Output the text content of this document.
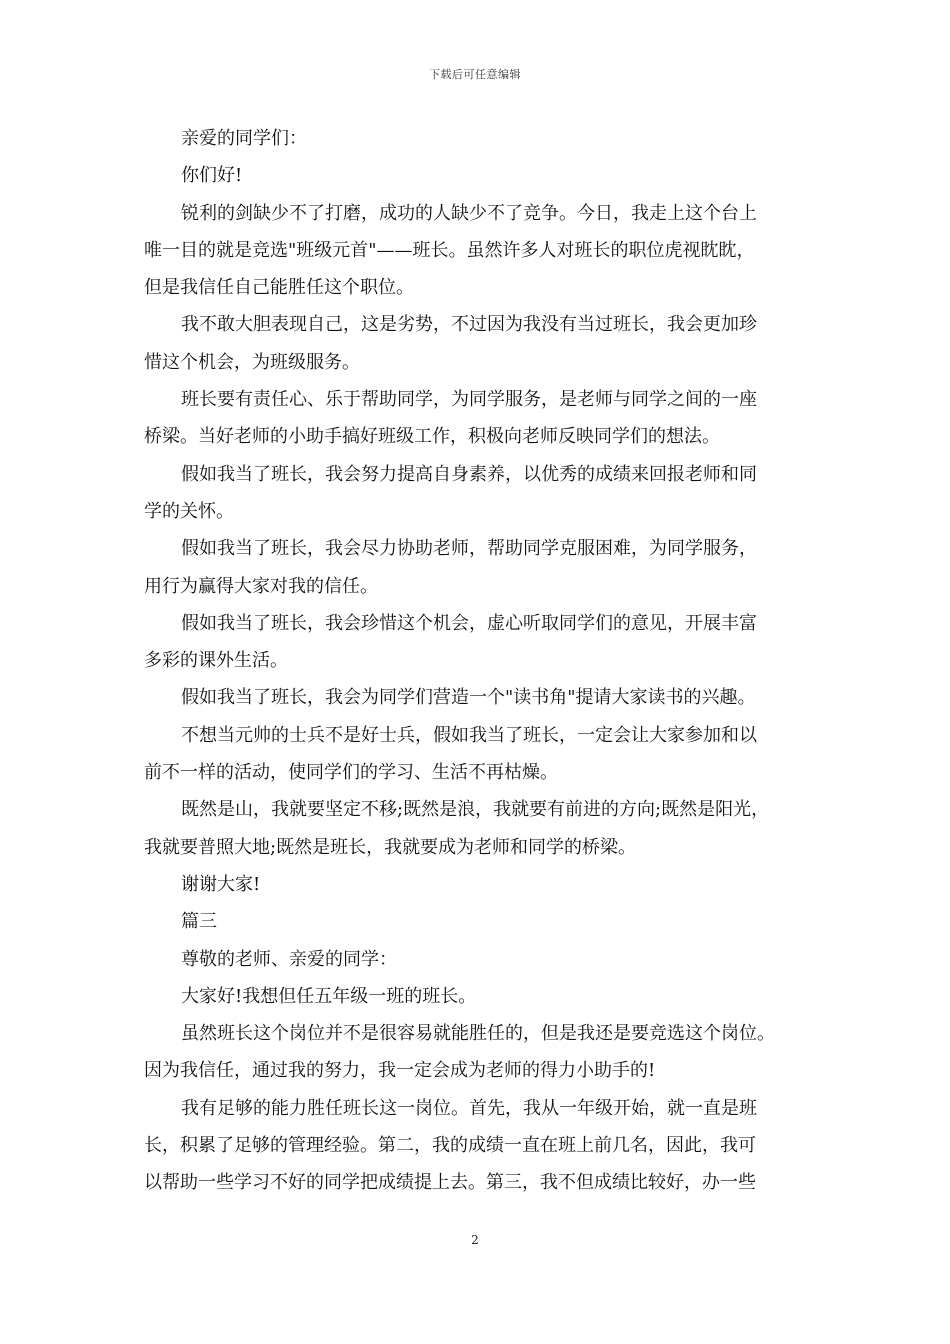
下载后可任意编辑
亲爱的同学们：
你们好!
锐利的剑缺少不了打磨，成功的人缺少不了竞争。今日，我走上这个台上
唯一目的就是竞选"班级元首"——班长。虽然许多人对班长的职位虎视眈眈，
但是我信任自己能胜任这个职位。
我不敢大胆表现自己，这是劣势，不过因为我没有当过班长，我会更加珍
惜这个机会，为班级服务。
班长要有责任心、乐于帮助同学，为同学服务，是老师与同学之间的一座
桥梁。当好老师的小助手搞好班级工作，积极向老师反映同学们的想法。
假如我当了班长，我会努力提高自身素养，以优秀的成绩来回报老师和同
学的关怀。
假如我当了班长，我会尽力协助老师，帮助同学克服困难，为同学服务，
用行为赢得大家对我的信任。
假如我当了班长，我会珍惜这个机会，虚心听取同学们的意见，开展丰富
多彩的课外生活。
假如我当了班长，我会为同学们营造一个"读书角"提请大家读书的兴趣。
不想当元帅的士兵不是好士兵，假如我当了班长，一定会让大家参加和以
前不一样的活动，使同学们的学习、生活不再枯燥。
既然是山，我就要坚定不移;既然是浪，我就要有前进的方向;既然是阳光，
我就要普照大地;既然是班长，我就要成为老师和同学的桥梁。
谢谢大家!
篇三
尊敬的老师、亲爱的同学：
大家好!我想但任五年级一班的班长。
虽然班长这个岗位并不是很容易就能胜任的，但是我还是要竞选这个岗位。
因为我信任，通过我的努力，我一定会成为老师的得力小助手的!
我有足够的能力胜任班长这一岗位。首先，我从一年级开始，就一直是班
长，积累了足够的管理经验。第二，我的成绩一直在班上前几名，因此，我可
以帮助一些学习不好的同学把成绩提上去。第三，我不但成绩比较好，办一些
2
